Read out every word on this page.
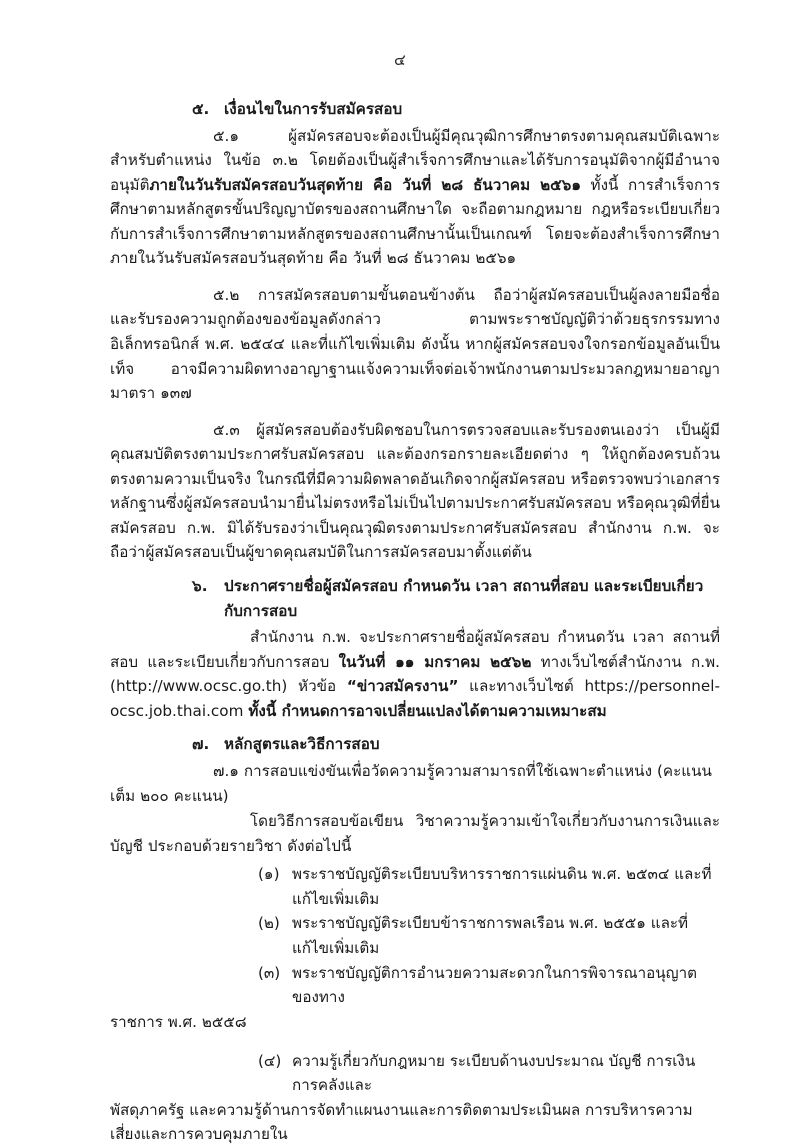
๔
๕. เงื่อนไขในการรับสมัครสอบ

๕.๑ ผู้สมัครสอบจะต้องเป็นผู้มีคุณวุฒิการศึกษาตรงตามคุณสมบัติเฉพาะสำหรับตำแหน่ง ในข้อ ๓.๒ โดยต้องเป็นผู้สำเร็จการศึกษาและได้รับการอนุมัติจากผู้มีอำนาจอนุมัติภายในวันรับสมัครสอบวันสุดท้าย คือ วันที่ ๒๘ ธันวาคม ๒๕๖๑ ทั้งนี้ การสำเร็จการศึกษาตามหลักสูตรขั้นปริญญาบัตรของสถานศึกษาใด จะถือตามกฎหมาย กฎหรือระเบียบเกี่ยวกับการสำเร็จการศึกษาตามหลักสูตรของสถานศึกษานั้นเป็นเกณฑ์ โดยจะต้องสำเร็จการศึกษาภายในวันรับสมัครสอบวันสุดท้าย คือ วันที่ ๒๘ ธันวาคม ๒๕๖๑

๕.๒ การสมัครสอบตามขั้นตอนข้างต้น ถือว่าผู้สมัครสอบเป็นผู้ลงลายมือชื่อ และรับรองความถูกต้องของข้อมูลดังกล่าว ตามพระราชบัญญัติว่าด้วยธุรกรรมทางอิเล็กทรอนิกส์ พ.ศ. ๒๕๔๔ และที่แก้ไขเพิ่มเติม ดังนั้น หากผู้สมัครสอบจงใจกรอกข้อมูลอันเป็นเท็จ อาจมีความผิดทางอาญาฐานแจ้งความเท็จต่อเจ้าพนักงานตามประมวลกฎหมายอาญา มาตรา ๑๓๗

๕.๓ ผู้สมัครสอบต้องรับผิดชอบในการตรวจสอบและรับรองตนเองว่า เป็นผู้มีคุณสมบัติตรงตามประกาศรับสมัครสอบ และต้องกรอกรายละเอียดต่าง ๆ ให้ถูกต้องครบถ้วนตรงตามความเป็นจริง ในกรณีที่มีความผิดพลาดอันเกิดจากผู้สมัครสอบ หรือตรวจพบว่าเอกสารหลักฐานซึ่งผู้สมัครสอบนำมายื่นไม่ตรงหรือไม่เป็นไปตามประกาศรับสมัครสอบ หรือคุณวุฒิที่ยื่นสมัครสอบ ก.พ. มิได้รับรองว่าเป็นคุณวุฒิตรงตามประกาศรับสมัครสอบ สำนักงาน ก.พ. จะถือว่าผู้สมัครสอบเป็นผู้ขาดคุณสมบัติในการสมัครสอบมาตั้งแต่ต้น

๖.	ประกาศรายชื่อผู้สมัครสอบ กำหนดวัน เวลา สถานที่สอบ และระเบียบเกี่ยวกับการสอบ

สำนักงาน ก.พ. จะประกาศรายชื่อผู้สมัครสอบ กำหนดวัน เวลา สถานที่สอบ และระเบียบเกี่ยวกับการสอบ ในวันที่ ๑๑ มกราคม ๒๕๖๒ ทางเว็บไซต์สำนักงาน ก.พ. (http://www.ocsc.go.th) หัวข้อ “ข่าวสมัครงาน” และทางเว็บไซต์ https://personnel-ocsc.job.thai.com ทั้งนี้ กำหนดการอาจเปลี่ยนแปลงได้ตามความเหมาะสม

๗. หลักสูตรและวิธีการสอบ

๗.๑ การสอบแข่งขันเพื่อวัดความรู้ความสามารถที่ใช้เฉพาะตำแหน่ง (คะแนนเต็ม ๒๐๐ คะแนน)

โดยวิธีการสอบข้อเขียน วิชาความรู้ความเข้าใจเกี่ยวกับงานการเงินและบัญชี ประกอบด้วยรายวิชา ดังต่อไปนี้

(๑) พระราชบัญญัติระเบียบบริหารราชการแผ่นดิน พ.ศ. ๒๕๓๔ และที่แก้ไขเพิ่มเติม
(๒) พระราชบัญญัติระเบียบข้าราชการพลเรือน พ.ศ. ๒๕๕๑ และที่แก้ไขเพิ่มเติม
(๓) พระราชบัญญัติการอำนวยความสะดวกในการพิจารณาอนุญาตของทาง
ราชการ พ.ศ. ๒๕๕๘
(๔) ความรู้เกี่ยวกับกฎหมาย ระเบียบด้านงบประมาณ บัญชี การเงินการคลังและ
พัสดุภาครัฐ และความรู้ด้านการจัดทำแผนงานและการติดตามประเมินผล การบริหารความเสี่ยงและการควบคุมภายใน
